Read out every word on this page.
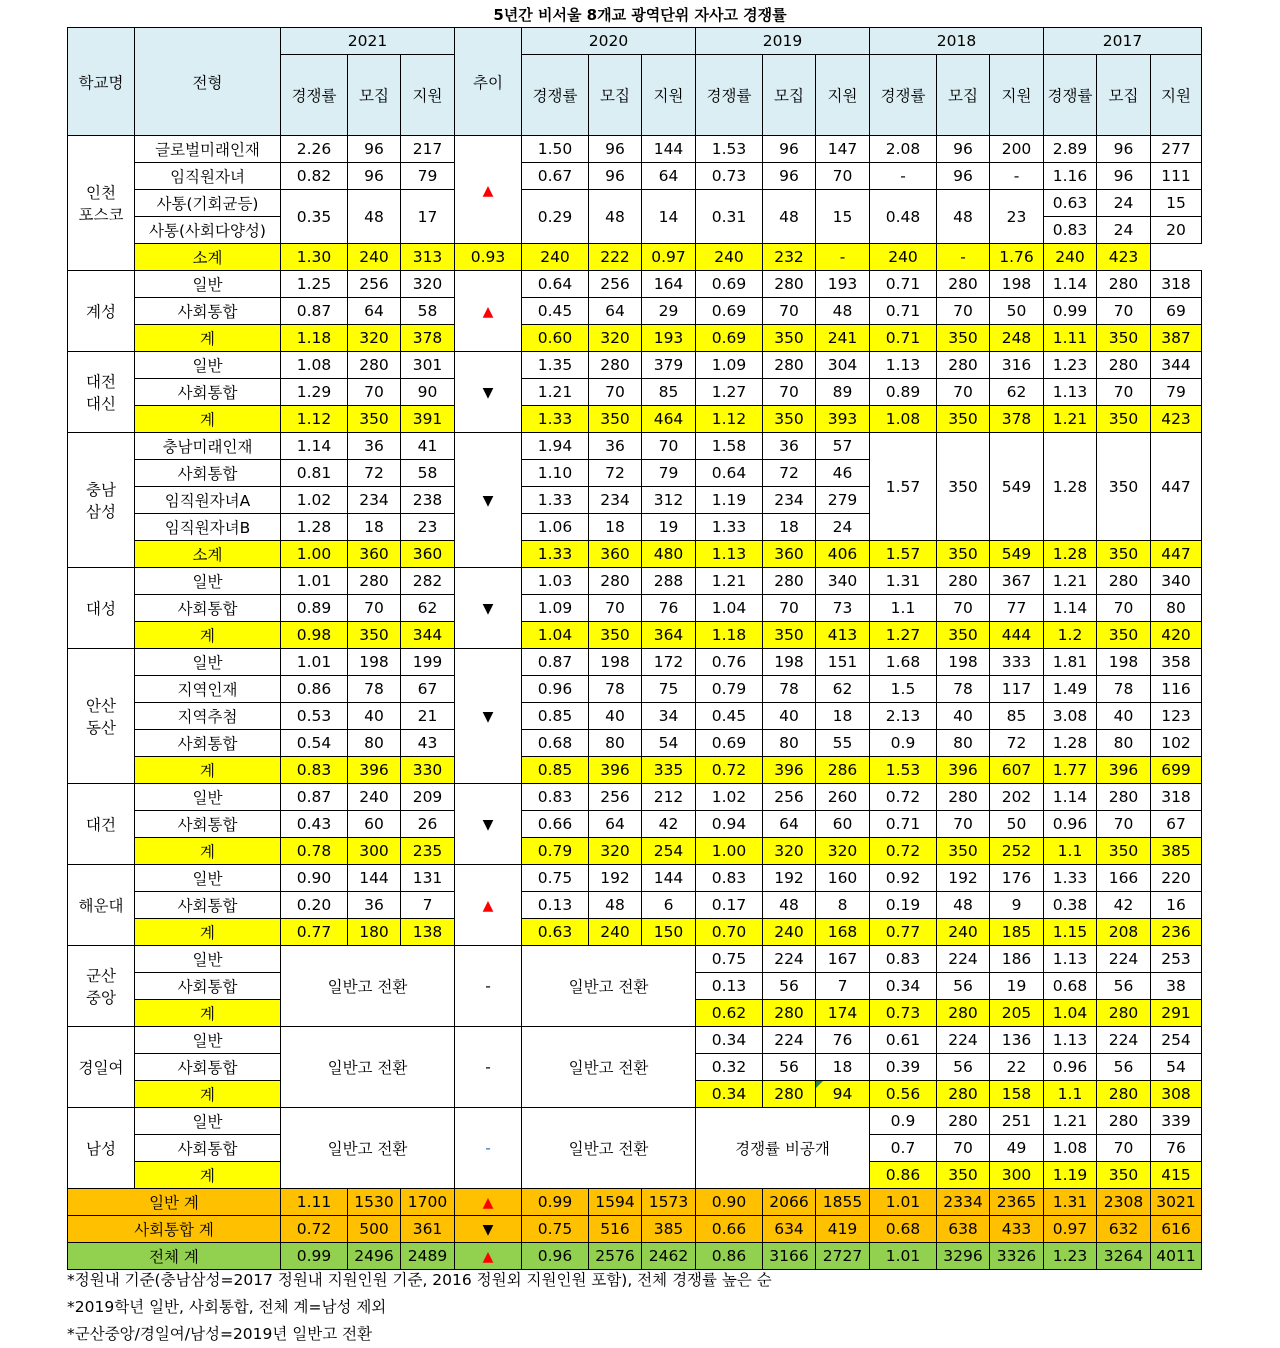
5년간 비서울 8개교 광역단위 자사고 경쟁률
학교명	전형	2021			추이	2020			2019			2018			2017		
		경쟁률	모집	지원		경쟁률	모집	지원	경쟁률	모집	지원	경쟁률	모집	지원	경쟁률	모집	지원
인천
포스코	글로벌미래인재	2.26	96	217	▲	1.50	96	144	1.53	96	147	2.08	96	200	2.89	96	277
	임직원자녀	0.82	96	79		0.67	96	64	0.73	96	70	-	96	-	1.16	96	111
	사통(기회균등)	0.35	48	17		0.29	48	14	0.31	48	15	0.48	48	23	0.63	24	15
	사통(사회다양성)														0.83	24	20
	소계	1.30	240	313	0.93	240	222	0.97	240	232	-	240	-	1.76	240	423	
계성	일반	1.25	256	320	▲	0.64	256	164	0.69	280	193	0.71	280	198	1.14	280	318
	사회통합	0.87	64	58		0.45	64	29	0.69	70	48	0.71	70	50	0.99	70	69
	계	1.18	320	378		0.60	320	193	0.69	350	241	0.71	350	248	1.11	350	387
대전
대신	일반	1.08	280	301	▼	1.35	280	379	1.09	280	304	1.13	280	316	1.23	280	344
	사회통합	1.29	70	90		1.21	70	85	1.27	70	89	0.89	70	62	1.13	70	79
	계	1.12	350	391		1.33	350	464	1.12	350	393	1.08	350	378	1.21	350	423
충남
삼성	충남미래인재	1.14	36	41	▼	1.94	36	70	1.58	36	57	1.57	350	549	1.28	350	447
	사회통합	0.81	72	58		1.10	72	79	0.64	72	46						
	임직원자녀A	1.02	234	238		1.33	234	312	1.19	234	279						
	임직원자녀B	1.28	18	23		1.06	18	19	1.33	18	24						
	소계	1.00	360	360		1.33	360	480	1.13	360	406	1.57	350	549	1.28	350	447
대성	일반	1.01	280	282	▼	1.03	280	288	1.21	280	340	1.31	280	367	1.21	280	340
	사회통합	0.89	70	62		1.09	70	76	1.04	70	73	1.1	70	77	1.14	70	80
	계	0.98	350	344		1.04	350	364	1.18	350	413	1.27	350	444	1.2	350	420
안산
동산	일반	1.01	198	199	▼	0.87	198	172	0.76	198	151	1.68	198	333	1.81	198	358
	지역인재	0.86	78	67		0.96	78	75	0.79	78	62	1.5	78	117	1.49	78	116
	지역추첨	0.53	40	21		0.85	40	34	0.45	40	18	2.13	40	85	3.08	40	123
	사회통합	0.54	80	43		0.68	80	54	0.69	80	55	0.9	80	72	1.28	80	102
	계	0.83	396	330		0.85	396	335	0.72	396	286	1.53	396	607	1.77	396	699
대건	일반	0.87	240	209	▼	0.83	256	212	1.02	256	260	0.72	280	202	1.14	280	318
	사회통합	0.43	60	26		0.66	64	42	0.94	64	60	0.71	70	50	0.96	70	67
	계	0.78	300	235		0.79	320	254	1.00	320	320	0.72	350	252	1.1	350	385
해운대	일반	0.90	144	131	▲	0.75	192	144	0.83	192	160	0.92	192	176	1.33	166	220
	사회통합	0.20	36	7		0.13	48	6	0.17	48	8	0.19	48	9	0.38	42	16
	계	0.77	180	138		0.63	240	150	0.70	240	168	0.77	240	185	1.15	208	236
군산
중앙	일반	일반고 전환			-	일반고 전환			0.75	224	167	0.83	224	186	1.13	224	253
	사회통합								0.13	56	7	0.34	56	19	0.68	56	38
	계								0.62	280	174	0.73	280	205	1.04	280	291
경일여	일반	일반고 전환			-	일반고 전환			0.34	224	76	0.61	224	136	1.13	224	254
	사회통합								0.32	56	18	0.39	56	22	0.96	56	54
	계								0.34	280	94	0.56	280	158	1.1	280	308
남성	일반	일반고 전환			-	일반고 전환			경쟁률 비공개			0.9	280	251	1.21	280	339
	사회통합											0.7	70	49	1.08	70	76
	계											0.86	350	300	1.19	350	415
일반 계		1.11	1530	1700	▲	0.99	1594	1573	0.90	2066	1855	1.01	2334	2365	1.31	2308	3021
사회통합 계		0.72	500	361	▼	0.75	516	385	0.66	634	419	0.68	638	433	0.97	632	616
전체 계		0.99	2496	2489	▲	0.96	2576	2462	0.86	3166	2727	1.01	3296	3326	1.23	3264	4011
*정원내 기준(충남삼성=2017 정원내 지원인원 기준, 2016 정원외 지원인원 포함), 전체 경쟁률 높은 순
*2019학년 일반, 사회통합, 전체 계=남성 제외
*군산중앙/경일여/남성=2019년 일반고 전환
